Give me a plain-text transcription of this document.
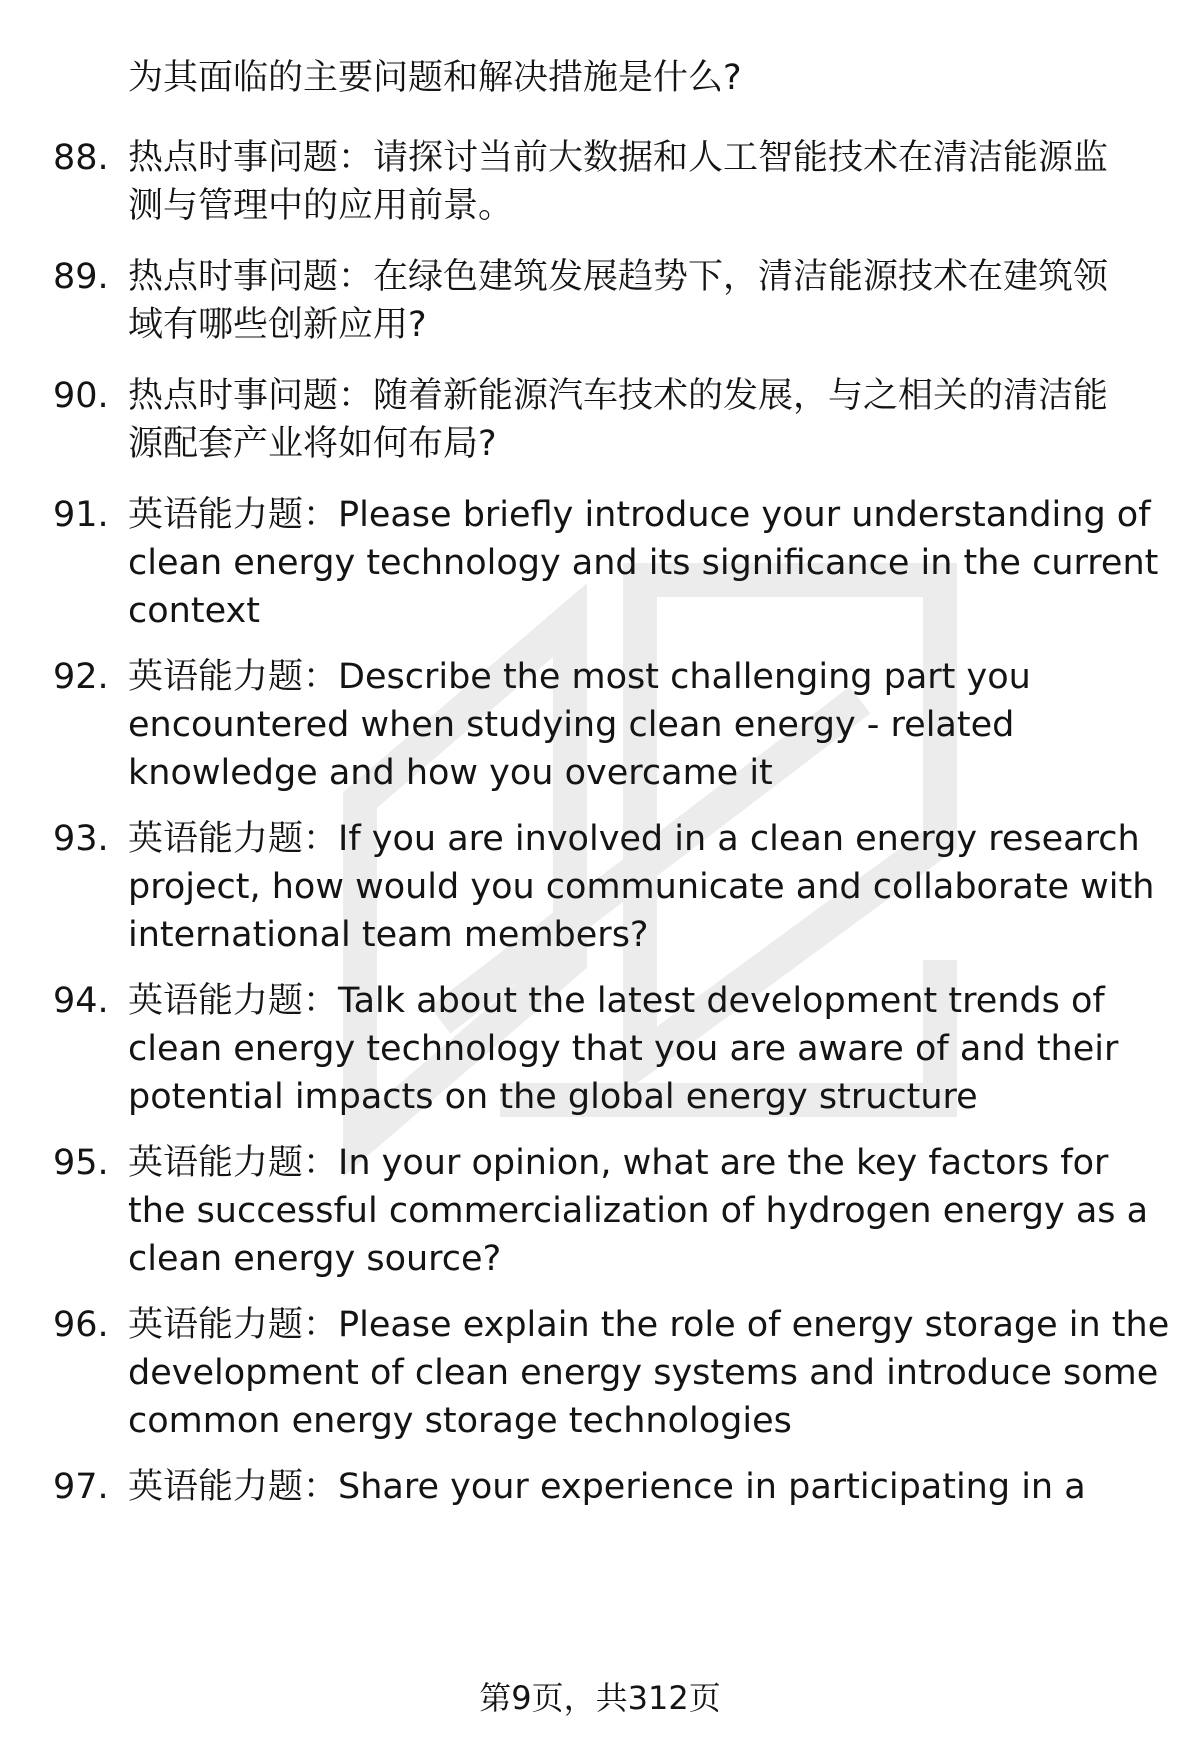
为其面临的主要问题和解决措施是什么?
88. 热点时事问题：请探讨当前大数据和人工智能技术在清洁能源监
测与管理中的应用前景。
89. 热点时事问题：在绿色建筑发展趋势下，清洁能源技术在建筑领
域有哪些创新应用?
90. 热点时事问题：随着新能源汽车技术的发展，与之相关的清洁能
源配套产业将如何布局?
91. 英语能力题：Please briefly introduce your understanding of
clean energy technology and its significance in the current
context
92. 英语能力题：Describe the most challenging part you
encountered when studying clean energy - related
knowledge and how you overcame it
93. 英语能力题：If you are involved in a clean energy research
project, how would you communicate and collaborate with
international team members?
94. 英语能力题：Talk about the latest development trends of
clean energy technology that you are aware of and their
potential impacts on the global energy structure
95. 英语能力题：In your opinion, what are the key factors for
the successful commercialization of hydrogen energy as a
clean energy source?
96. 英语能力题：Please explain the role of energy storage in the
development of clean energy systems and introduce some
common energy storage technologies
97. 英语能力题：Share your experience in participating in a
第9页，共312页
